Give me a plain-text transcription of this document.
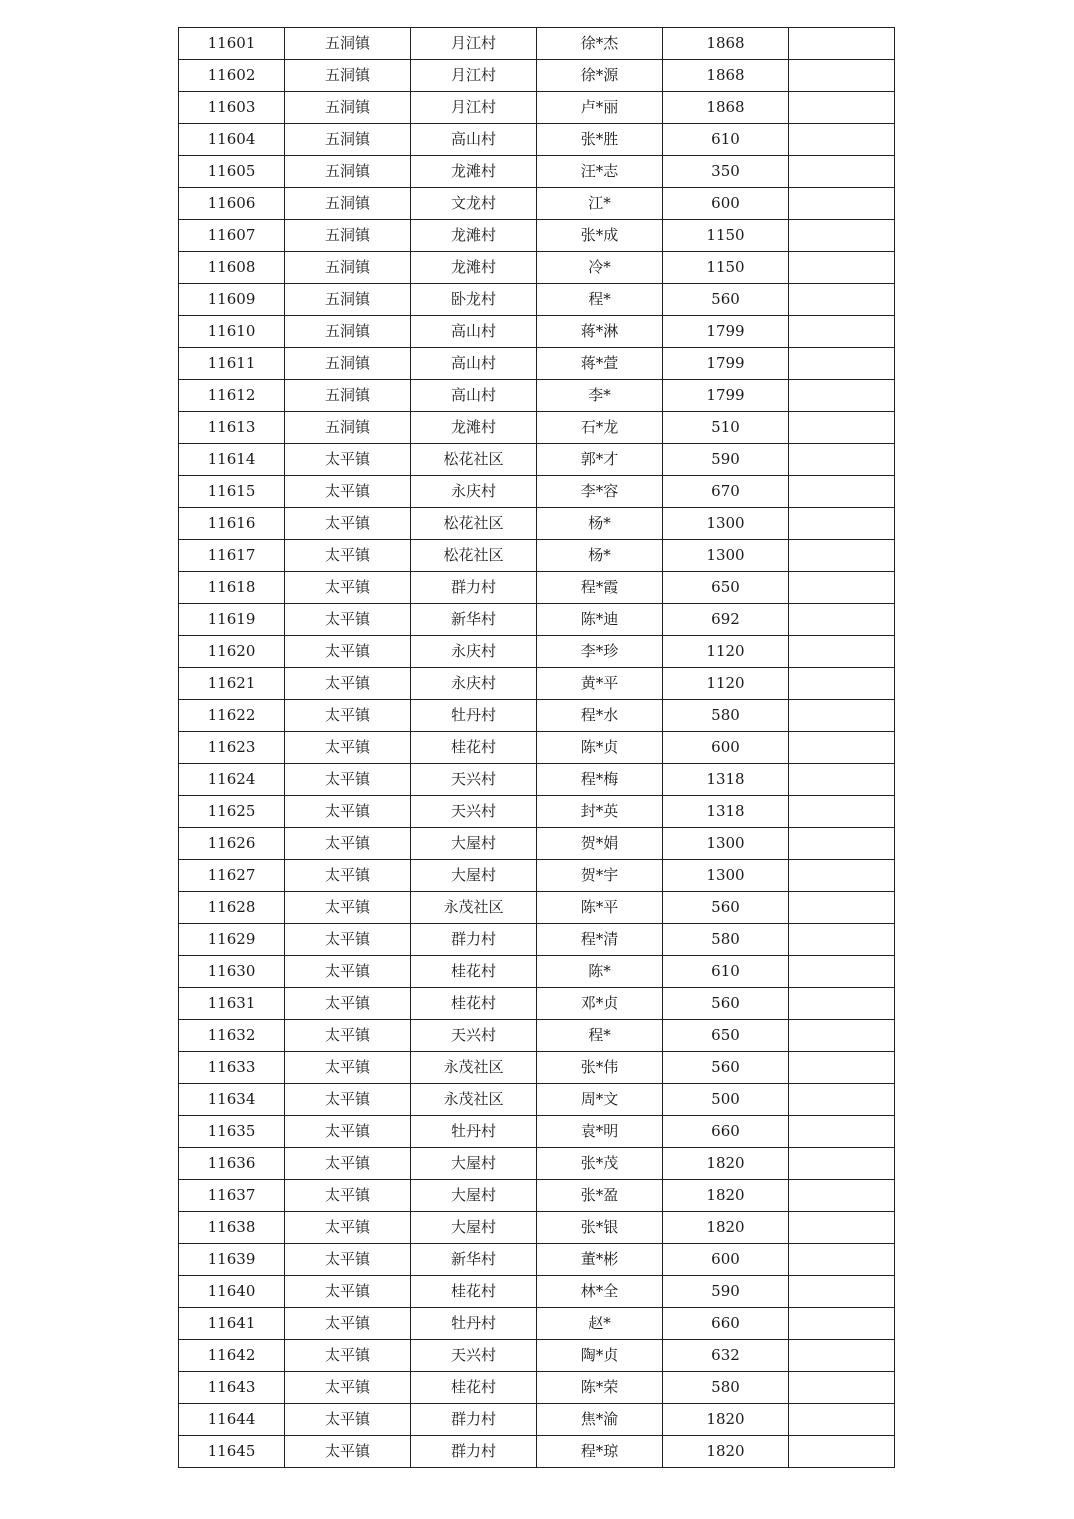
11601	五洞镇	月江村	徐*杰	1868	
11602	五洞镇	月江村	徐*源	1868	
11603	五洞镇	月江村	卢*丽	1868	
11604	五洞镇	高山村	张*胜	610	
11605	五洞镇	龙滩村	汪*志	350	
11606	五洞镇	文龙村	江*	600	
11607	五洞镇	龙滩村	张*成	1150	
11608	五洞镇	龙滩村	冷*	1150	
11609	五洞镇	卧龙村	程*	560	
11610	五洞镇	高山村	蒋*淋	1799	
11611	五洞镇	高山村	蒋*萱	1799	
11612	五洞镇	高山村	李*	1799	
11613	五洞镇	龙滩村	石*龙	510	
11614	太平镇	松花社区	郭*才	590	
11615	太平镇	永庆村	李*容	670	
11616	太平镇	松花社区	杨*	1300	
11617	太平镇	松花社区	杨*	1300	
11618	太平镇	群力村	程*霞	650	
11619	太平镇	新华村	陈*迪	692	
11620	太平镇	永庆村	李*珍	1120	
11621	太平镇	永庆村	黄*平	1120	
11622	太平镇	牡丹村	程*水	580	
11623	太平镇	桂花村	陈*贞	600	
11624	太平镇	天兴村	程*梅	1318	
11625	太平镇	天兴村	封*英	1318	
11626	太平镇	大屋村	贺*娟	1300	
11627	太平镇	大屋村	贺*宇	1300	
11628	太平镇	永茂社区	陈*平	560	
11629	太平镇	群力村	程*清	580	
11630	太平镇	桂花村	陈*	610	
11631	太平镇	桂花村	邓*贞	560	
11632	太平镇	天兴村	程*	650	
11633	太平镇	永茂社区	张*伟	560	
11634	太平镇	永茂社区	周*文	500	
11635	太平镇	牡丹村	袁*明	660	
11636	太平镇	大屋村	张*茂	1820	
11637	太平镇	大屋村	张*盈	1820	
11638	太平镇	大屋村	张*银	1820	
11639	太平镇	新华村	董*彬	600	
11640	太平镇	桂花村	林*全	590	
11641	太平镇	牡丹村	赵*	660	
11642	太平镇	天兴村	陶*贞	632	
11643	太平镇	桂花村	陈*荣	580	
11644	太平镇	群力村	焦*渝	1820	
11645	太平镇	群力村	程*琼	1820	
